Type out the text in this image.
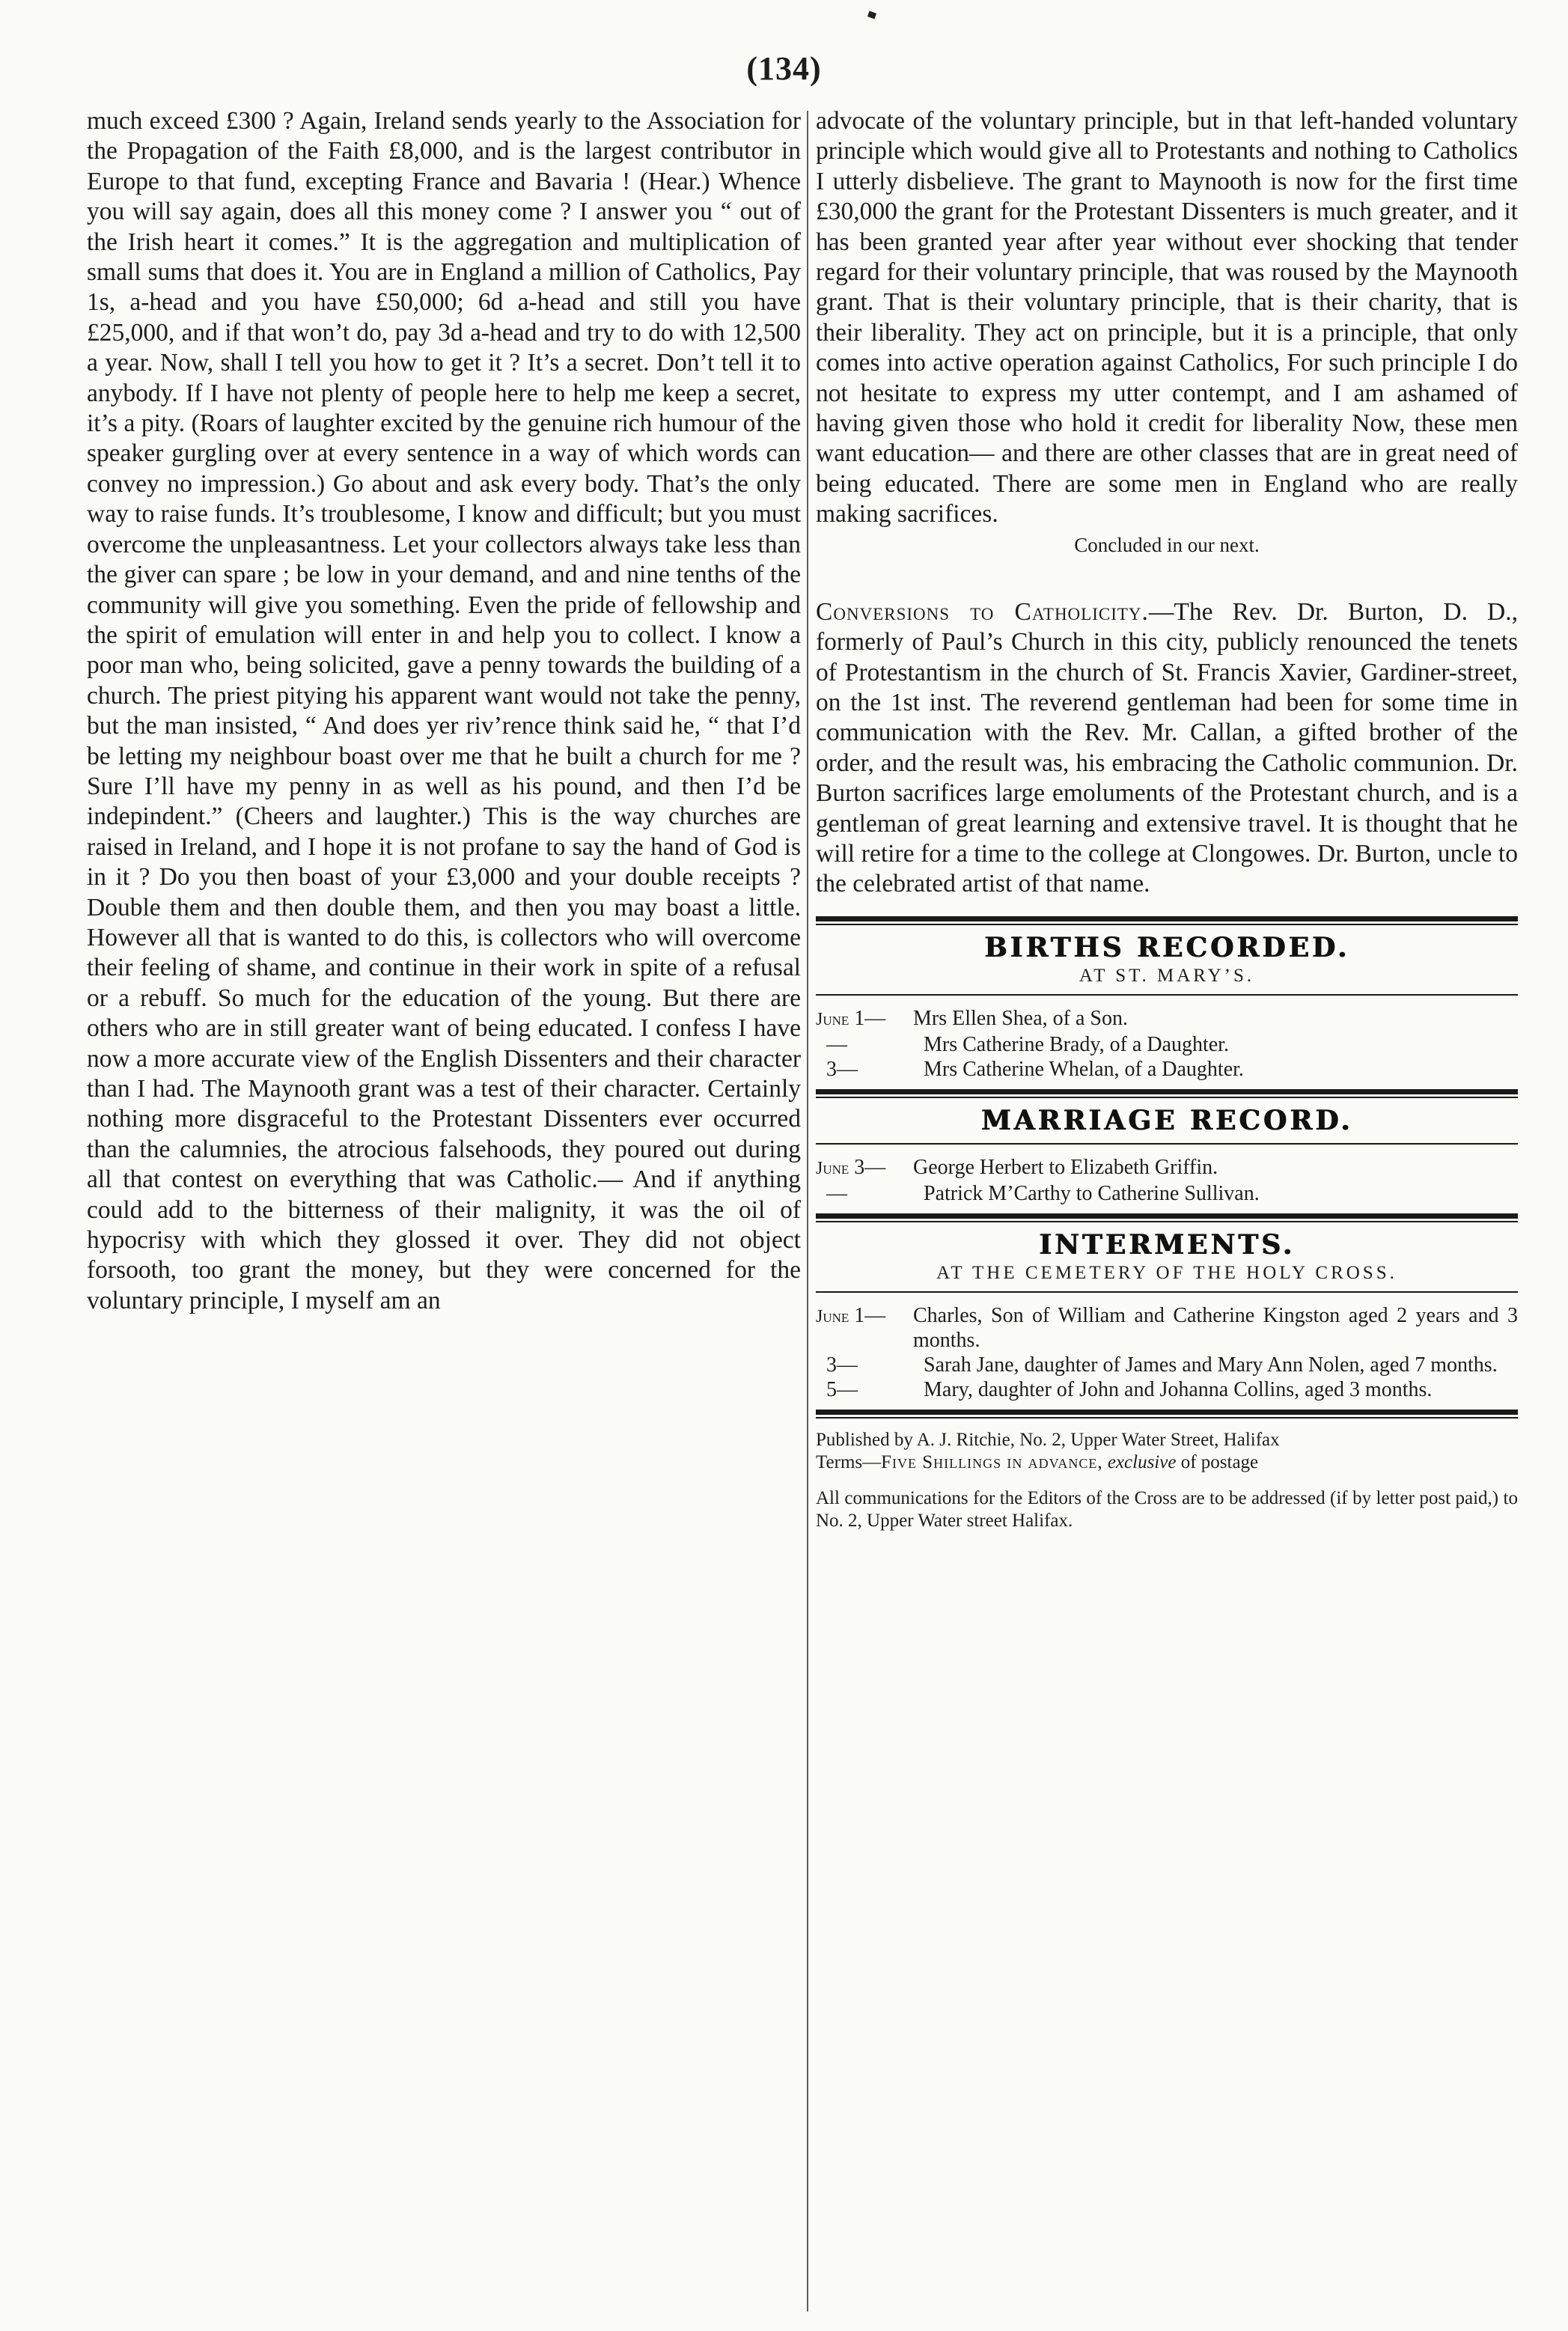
(134)

much exceed £300 ? Again, Ireland sends yearly to the Association for the Propagation of the Faith £8,000, and is the largest contributor in Europe to that fund, excepting France and Bavaria ! (Hear.) Whence you will say again, does all this money come ? I answer you “ out of the Irish heart it comes.” It is the aggregation and multiplication of small sums that does it. You are in England a million of Catholics, Pay 1s, a-head and you have £50,000; 6d a-head and still you have £25,000, and if that won’t do, pay 3d a-head and try to do with 12,500 a year. Now, shall I tell you how to get it ? It’s a secret. Don’t tell it to anybody. If I have not plenty of people here to help me keep a secret, it’s a pity. (Roars of laughter excited by the genuine rich humour of the speaker gurgling over at every sentence in a way of which words can convey no impression.) Go about and ask every body. That’s the only way to raise funds. It’s troublesome, I know and difficult; but you must overcome the unpleasantness. Let your collectors always take less than the giver can spare ; be low in your demand, and and nine tenths of the community will give you something. Even the pride of fellowship and the spirit of emulation will enter in and help you to collect. I know a poor man who, being solicited, gave a penny towards the building of a church. The priest pitying his apparent want would not take the penny, but the man insisted, “ And does yer riv’rence think said he, “ that I’d be letting my neighbour boast over me that he built a church for me ? Sure I’ll have my penny in as well as his pound, and then I’d be indepindent.” (Cheers and laughter.) This is the way churches are raised in Ireland, and I hope it is not profane to say the hand of God is in it ? Do you then boast of your £3,000 and your double receipts ? Double them and then double them, and then you may boast a little. However all that is wanted to do this, is collectors who will overcome their feeling of shame, and continue in their work in spite of a refusal or a rebuff. So much for the education of the young. But there are others who are in still greater want of being educated. I confess I have now a more accurate view of the English Dissenters and their character than I had. The Maynooth grant was a test of their character. Certainly nothing more disgraceful to the Protestant Dissenters ever occurred than the calumnies, the atrocious falsehoods, they poured out during all that contest on everything that was Catholic.— And if anything could add to the bitterness of their malignity, it was the oil of hypocrisy with which they glossed it over. They did not object forsooth, too grant the money, but they were concerned for the voluntary principle, I myself am an

advocate of the voluntary principle, but in that left-handed voluntary principle which would give all to Protestants and nothing to Catholics I utterly disbelieve. The grant to Maynooth is now for the first time £30,000 the grant for the Protestant Dissenters is much greater, and it has been granted year after year without ever shocking that tender regard for their voluntary principle, that was roused by the Maynooth grant. That is their voluntary principle, that is their charity, that is their liberality. They act on principle, but it is a principle, that only comes into active operation against Catholics, For such principle I do not hesitate to express my utter contempt, and I am ashamed of having given those who hold it credit for liberality Now, these men want education— and there are other classes that are in great need of being educated. There are some men in England who are really making sacrifices.

Concluded in our next.

Conversions to Catholicity.—The Rev. Dr. Burton, D. D., formerly of Paul’s Church in this city, publicly renounced the tenets of Protestantism in the church of St. Francis Xavier, Gardiner-street, on the 1st inst. The reverend gentleman had been for some time in communication with the Rev. Mr. Callan, a gifted brother of the order, and the result was, his embracing the Catholic communion. Dr. Burton sacrifices large emoluments of the Protestant church, and is a gentleman of great learning and extensive travel. It is thought that he will retire for a time to the college at Clongowes. Dr. Burton, uncle to the celebrated artist of that name.

BIRTHS RECORDED.
AT ST. MARY’S.
June 1—	Mrs Ellen Shea, of a Son.
—	Mrs Catherine Brady, of a Daughter.
3—	Mrs Catherine Whelan, of a Daughter.
MARRIAGE RECORD.
June 3—	George Herbert to Elizabeth Griffin.
—	Patrick M’Carthy to Catherine Sullivan.
INTERMENTS.
AT THE CEMETERY OF THE HOLY CROSS.
June 1—	Charles, Son of William and Catherine Kingston aged 2 years and 3 months.
3—	Sarah Jane, daughter of James and Mary Ann Nolen, aged 7 months.
5—	Mary, daughter of John and Johanna Collins, aged 3 months.

Published by A. J. Ritchie, No. 2, Upper Water Street, Halifax
Terms—Five Shillings in advance, exclusive of postage

All communications for the Editors of the Cross are to be addressed (if by letter post paid,) to No. 2, Upper Water street Halifax.
